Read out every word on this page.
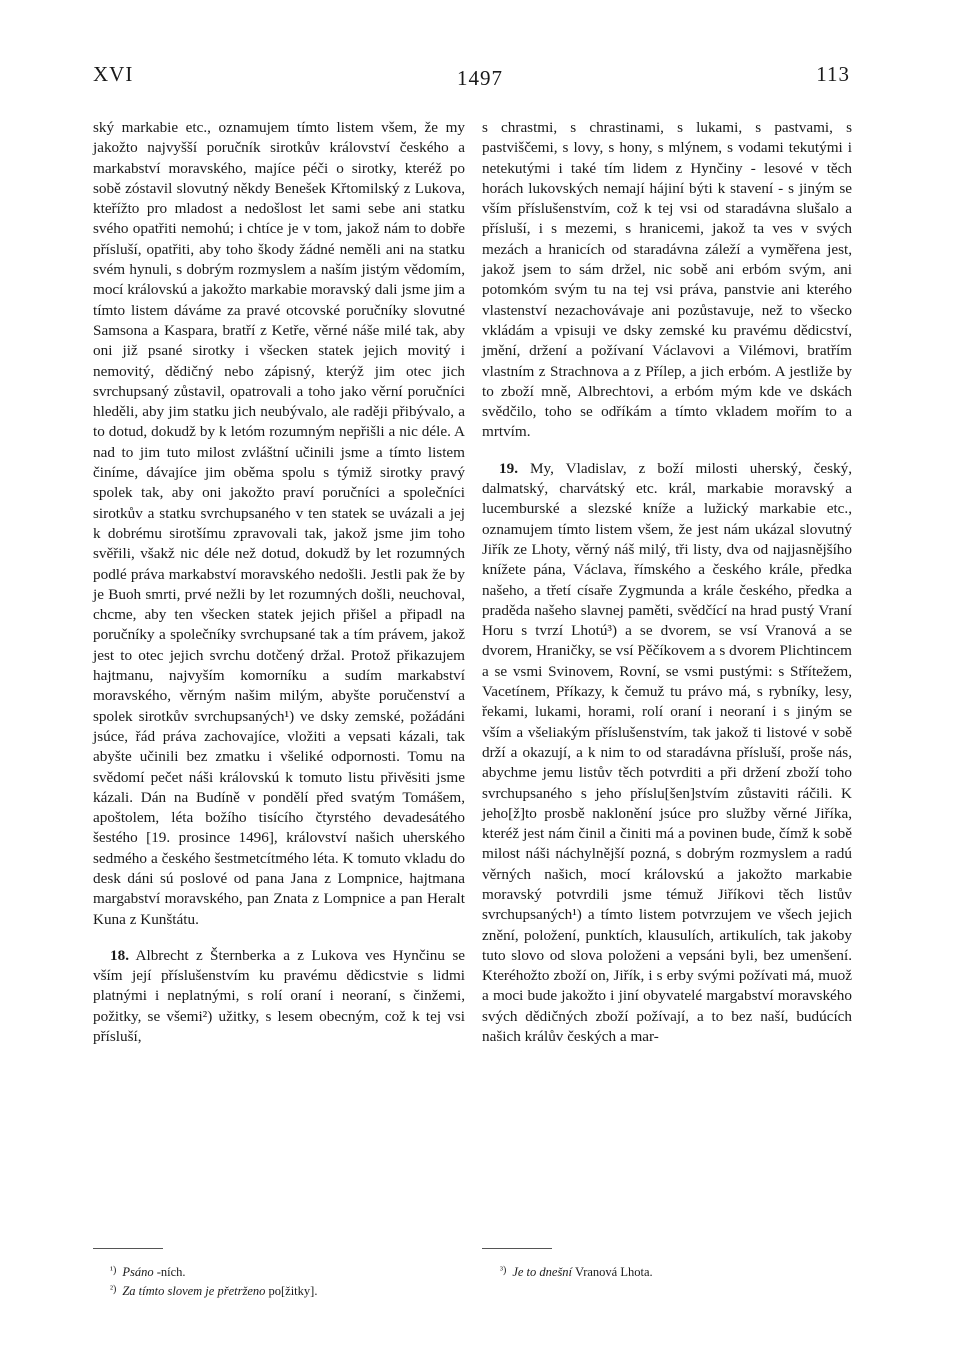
XVI	1497	113

ský markabie etc., oznamujem tímto listem všem, že my jakožto najvyšší poručník sirotkův království českého a markabství moravského, majíce péči o sirotky, kteréž po sobě zóstavil slovutný někdy Benešek Křtomilský z Lukova, kteřížto pro mladost a nedošlost let sami sebe ani statku svého opatřiti nemohú; i chtíce je v tom, jakož nám to dobře přísluší, opatřiti, aby toho škody žádné neměli ani na statku svém hynuli, s dobrým rozmyslem a naším jistým vědomím, mocí královskú a jakožto markabie moravský dali jsme jim a tímto listem dáváme za pravé otcovské poručníky slovutné Samsona a Kaspara, bratří z Ketře, věrné náše milé tak, aby oni již psané sirotky i všecken statek jejich movitý i nemovitý, dědičný nebo zápisný, kterýž jim otec jich svrchupsaný zůstavil, opatrovali a toho jako věrní poručníci hleděli, aby jim statku jich neubývalo, ale raději přibývalo, a to dotud, dokudž by k letóm rozumným nepřišli a nic déle. A nad to jim tuto milost zvláštní učinili jsme a tímto listem činíme, dávajíce jim oběma spolu s týmiž sirotky pravý spolek tak, aby oni jakožto praví poručníci a společníci sirotkův a statku svrchupsaného v ten statek se uvázali a jej k dobrému sirotšímu zpravovali tak, jakož jsme jim toho svěřili, všakž nic déle než dotud, dokudž by let rozumných podlé práva markabství moravského nedošli. Jestli pak že by je Buoh smrti, prvé nežli by let rozumných došli, neuchoval, chcme, aby ten všecken statek jejich přišel a připadl na poručníky a společníky svrchupsané tak a tím právem, jakož jest to otec jejich svrchu dotčený držal. Protož přikazujem hajtmanu, najvyším komorníku a sudím markabství moravského, věrným našim milým, abyšte poručenství a spolek sirotkův svrchupsaných¹) ve dsky zemské, požádáni jsúce, řád práva zachovajíce, vložiti a vepsati kázali, tak abyšte učinili bez zmatku i všeliké odpornosti. Tomu na svědomí pečet náši královskú k tomuto listu přivěsiti jsme kázali. Dán na Budíně v pondělí před svatým Tomášem, apoštolem, léta božího tisícího čtyrstého devadesátého šestého [19. prosince 1496], království našich uherského sedmého a českého šestmetcítmého léta. K tomuto vkladu do desk dáni sú poslové od pana Jana z Lompnice, hajtmana margabství moravského, pan Znata z Lompnice a pan Heralt Kuna z Kunštátu.

18. Albrecht z Šternberka a z Lukova ves Hynčinu se vším její příslušenstvím ku pravému dědicstvie s lidmi platnými i neplatnými, s rolí oraní i neoraní, s činžemi, požitky, se všemi²) užitky, s lesem obecným, což k tej vsi přísluší,

s chrastmi, s chrastinami, s lukami, s pastvami, s pastviščemi, s lovy, s hony, s mlýnem, s vodami tekutými i netekutými i také tím lidem z Hynčiny - lesové v těch horách lukovských nemají hájiní býti k stavení - s jiným se vším příslušenstvím, což k tej vsi od staradávna slušalo a přísluší, i s mezemi, s hranicemi, jakož ta ves v svých mezách a hranicích od staradávna záleží a vyměřena jest, jakož jsem to sám držel, nic sobě ani erbóm svým, ani potomkóm svým tu na tej vsi práva, panstvie ani kterého vlastenství nezachovávaje ani pozůstavuje, než to všecko vkládám a vpisuji ve dsky zemské ku pravému dědicství, jmění, držení a požívaní Václavovi a Vilémovi, bratřím vlastním z Strachnova a z Přílep, a jich erbóm. A jestliže by to zboží mně, Albrechtovi, a erbóm mým kde ve dskách svědčilo, toho se odříkám a tímto vkladem mořím to a mrtvím.

19. My, Vladislav, z boží milosti uherský, český, dalmatský, charvátský etc. král, markabie moravský a lucemburské a slezské kníže a lužický markabie etc., oznamujem tímto listem všem, že jest nám ukázal slovutný Jiřík ze Lhoty, věrný náš milý, tři listy, dva od najjasnějšího knížete pána, Václava, římského a českého krále, předka našeho, a třetí císaře Zygmunda a krále českého, předka a praděda našeho slavnej paměti, svědčící na hrad pustý Vraní Horu s tvrzí Lhotú³) a se dvorem, se vsí Vranová a se dvorem, Hraničky, se vsí Pěčíkovem a s dvorem Plichtincem a se vsmi Svinovem, Rovní, se vsmi pustými: s Střítežem, Vacetínem, Příkazy, k čemuž tu právo má, s rybníky, lesy, řekami, lukami, horami, rolí oraní i neoraní i s jiným se vším a všeliakým příslušenstvím, tak jakož ti listové v sobě drží a okazují, a k nim to od staradávna přísluší, proše nás, abychme jemu listův těch potvrditi a při držení zboží toho svrchupsaného s jeho příslu[šen]stvím zůstaviti ráčili. K jeho[ž]to prosbě naklonění jsúce pro služby věrné Jiříka, kteréž jest nám činil a činiti má a povinen bude, čímž k sobě milost náši náchylnější pozná, s dobrým rozmyslem a radú věrných našich, mocí královskú a jakožto markabie moravský potvrdili jsme témuž Jiříkovi těch listův svrchupsaných¹) a tímto listem potvrzujem ve všech jejich znění, položení, punktích, klausulích, artikulích, tak jakoby tuto slovo od slova položeni a vepsáni byli, bez umenšení. Kteréhožto zboží on, Jiřík, i s erby svými požívati má, muož a moci bude jakožto i jiní obyvatelé margabství moravského svých dědičných zboží požívají, a to bez naší, budúcích našich králův českých a mar-

$^{^1)}$ Psáno -ních.

$^{^2)}$ Za tímto slovem je přetrženo po[žitky].

$^{^3)}$ Je to dnešní Vranová Lhota.
